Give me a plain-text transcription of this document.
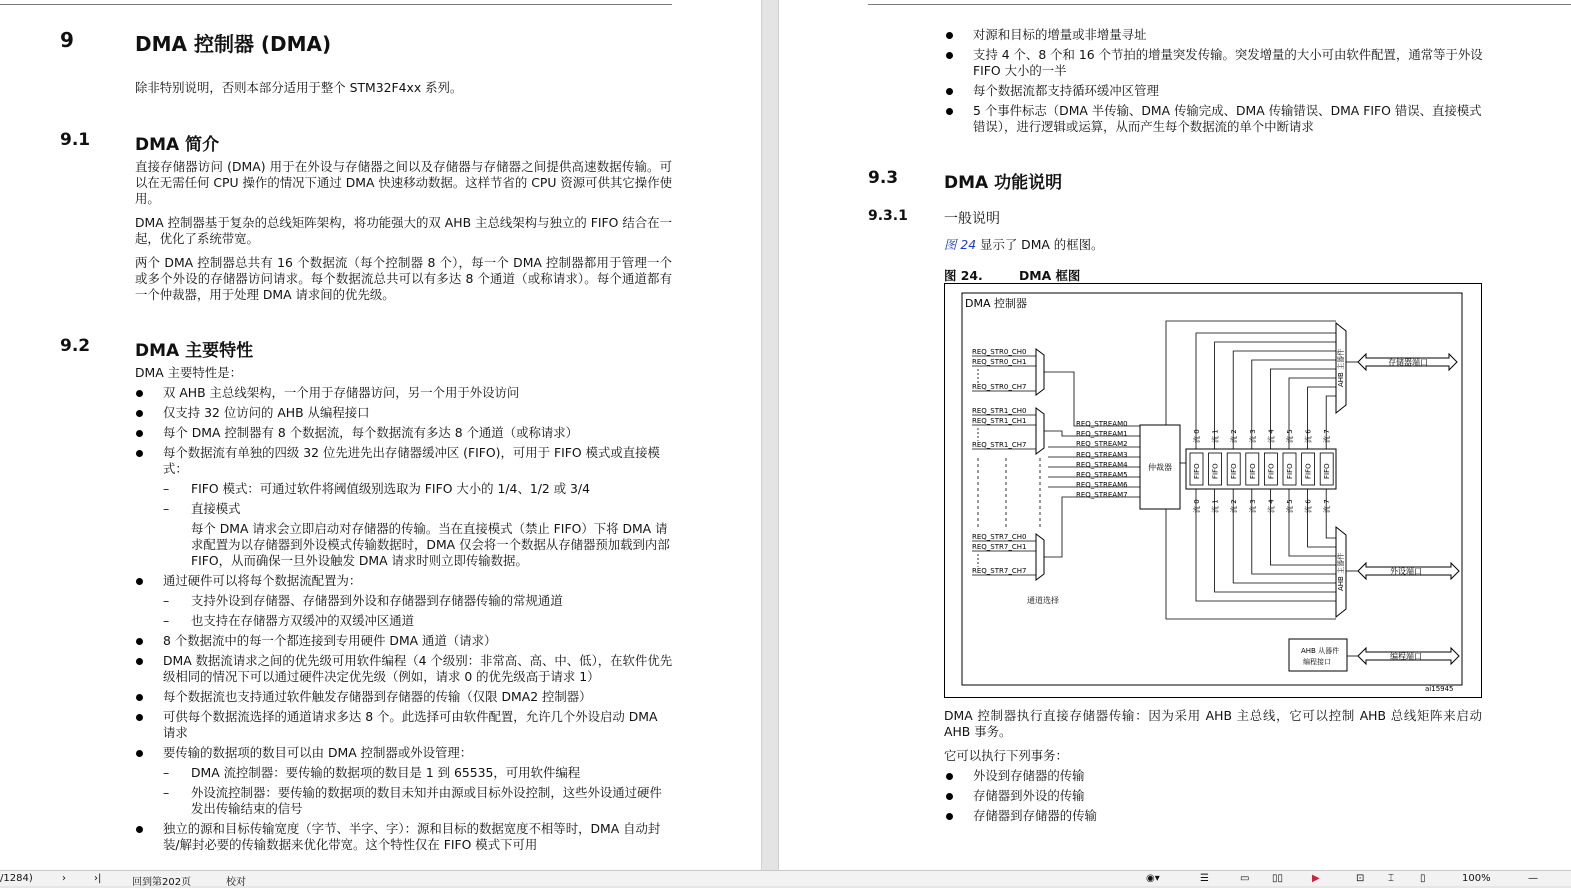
9	DMA 控制器 (DMA)
除非特别说明，否则本部分适用于整个 STM32F4xx 系列。
9.1	DMA 简介
直接存储器访问 (DMA) 用于在外设与存储器之间以及存储器与存储器之间提供高速数据传输。可以在无需任何 CPU 操作的情况下通过 DMA 快速移动数据。这样节省的 CPU 资源可供其它操作使用。
DMA 控制器基于复杂的总线矩阵架构，将功能强大的双 AHB 主总线架构与独立的 FIFO 结合在一起，优化了系统带宽。
两个 DMA 控制器总共有 16 个数据流（每个控制器 8 个），每一个 DMA 控制器都用于管理一个或多个外设的存储器访问请求。每个数据流总共可以有多达 8 个通道（或称请求）。每个通道都有一个仲裁器，用于处理 DMA 请求间的优先级。
9.2	DMA 主要特性
DMA 主要特性是：
双 AHB 主总线架构，一个用于存储器访问，另一个用于外设访问
仅支持 32 位访问的 AHB 从编程接口
每个 DMA 控制器有 8 个数据流，每个数据流有多达 8 个通道（或称请求）
每个数据流有单独的四级 32 位先进先出存储器缓冲区 (FIFO)，可用于 FIFO 模式或直接模式：
– FIFO 模式：可通过软件将阈值级别选取为 FIFO 大小的 1/4、1/2 或 3/4
– 直接模式
每个 DMA 请求会立即启动对存储器的传输。当在直接模式（禁止 FIFO）下将 DMA 请求配置为以存储器到外设模式传输数据时，DMA 仅会将一个数据从存储器预加载到内部 FIFO，从而确保一旦外设触发 DMA 请求时则立即传输数据。
通过硬件可以将每个数据流配置为：
– 支持外设到存储器、存储器到外设和存储器到存储器传输的常规通道
– 也支持在存储器方双缓冲的双缓冲区通道
8 个数据流中的每一个都连接到专用硬件 DMA 通道（请求）
DMA 数据流请求之间的优先级可用软件编程（4 个级别：非常高、高、中、低），在软件优先级相同的情况下可以通过硬件决定优先级（例如，请求 0 的优先级高于请求 1）
每个数据流也支持通过软件触发存储器到存储器的传输（仅限 DMA2 控制器）
可供每个数据流选择的通道请求多达 8 个。此选择可由软件配置，允许几个外设启动 DMA 请求
要传输的数据项的数目可以由 DMA 控制器或外设管理：
– DMA 流控制器：要传输的数据项的数目是 1 到 65535，可用软件编程
– 外设流控制器：要传输的数据项的数目未知并由源或目标外设控制，这些外设通过硬件发出传输结束的信号
独立的源和目标传输宽度（字节、半字、字）：源和目标的数据宽度不相等时，DMA 自动封装/解封必要的传输数据来优化带宽。这个特性仅在 FIFO 模式下可用
对源和目标的增量或非增量寻址
支持 4 个、8 个和 16 个节拍的增量突发传输。突发增量的大小可由软件配置，通常等于外设 FIFO 大小的一半
每个数据流都支持循环缓冲区管理
5 个事件标志（DMA 半传输、DMA 传输完成、DMA 传输错误、DMA FIFO 错误、直接模式错误），进行逻辑或运算，从而产生每个数据流的单个中断请求
9.3	DMA 功能说明
9.3.1	一般说明
图 24 显示了 DMA 的框图。
图 24.	DMA 框图
DMA 控制器
REQ_STR0_CH0
REQ_STR0_CH1
REQ_STR0_CH7
REQ_STR1_CH0
REQ_STR1_CH1
REQ_STR1_CH7
REQ_STR7_CH0
REQ_STR7_CH1
REQ_STR7_CH7
通道选择
REQ_STREAM0
REQ_STREAM1
REQ_STREAM2
REQ_STREAM3
REQ_STREAM4
REQ_STREAM5
REQ_STREAM6
REQ_STREAM7
仲裁器	FIFO FIFO FIFO FIFO FIFO FIFO FIFO FIFO
流 0 流 1 流 2 流 3 流 4 流 5 流 6 流 7
流 0 流 1 流 2 流 3 流 4 流 5 流 6 流 7
AHB 主器件
AHB 主器件
存储器端口
外设端口
编程端口
AHB 从器件
编程接口
ai15945
DMA 控制器执行直接存储器传输：因为采用 AHB 主总线，它可以控制 AHB 总线矩阵来启动 AHB 事务。
它可以执行下列事务：
外设到存储器的传输
存储器到外设的传输
存储器到存储器的传输
/1284)	›	›|	回到第202页	校对	◉▾	☰	▭ ▯▯	▶	⊡ ⌶	▯	100%	—
